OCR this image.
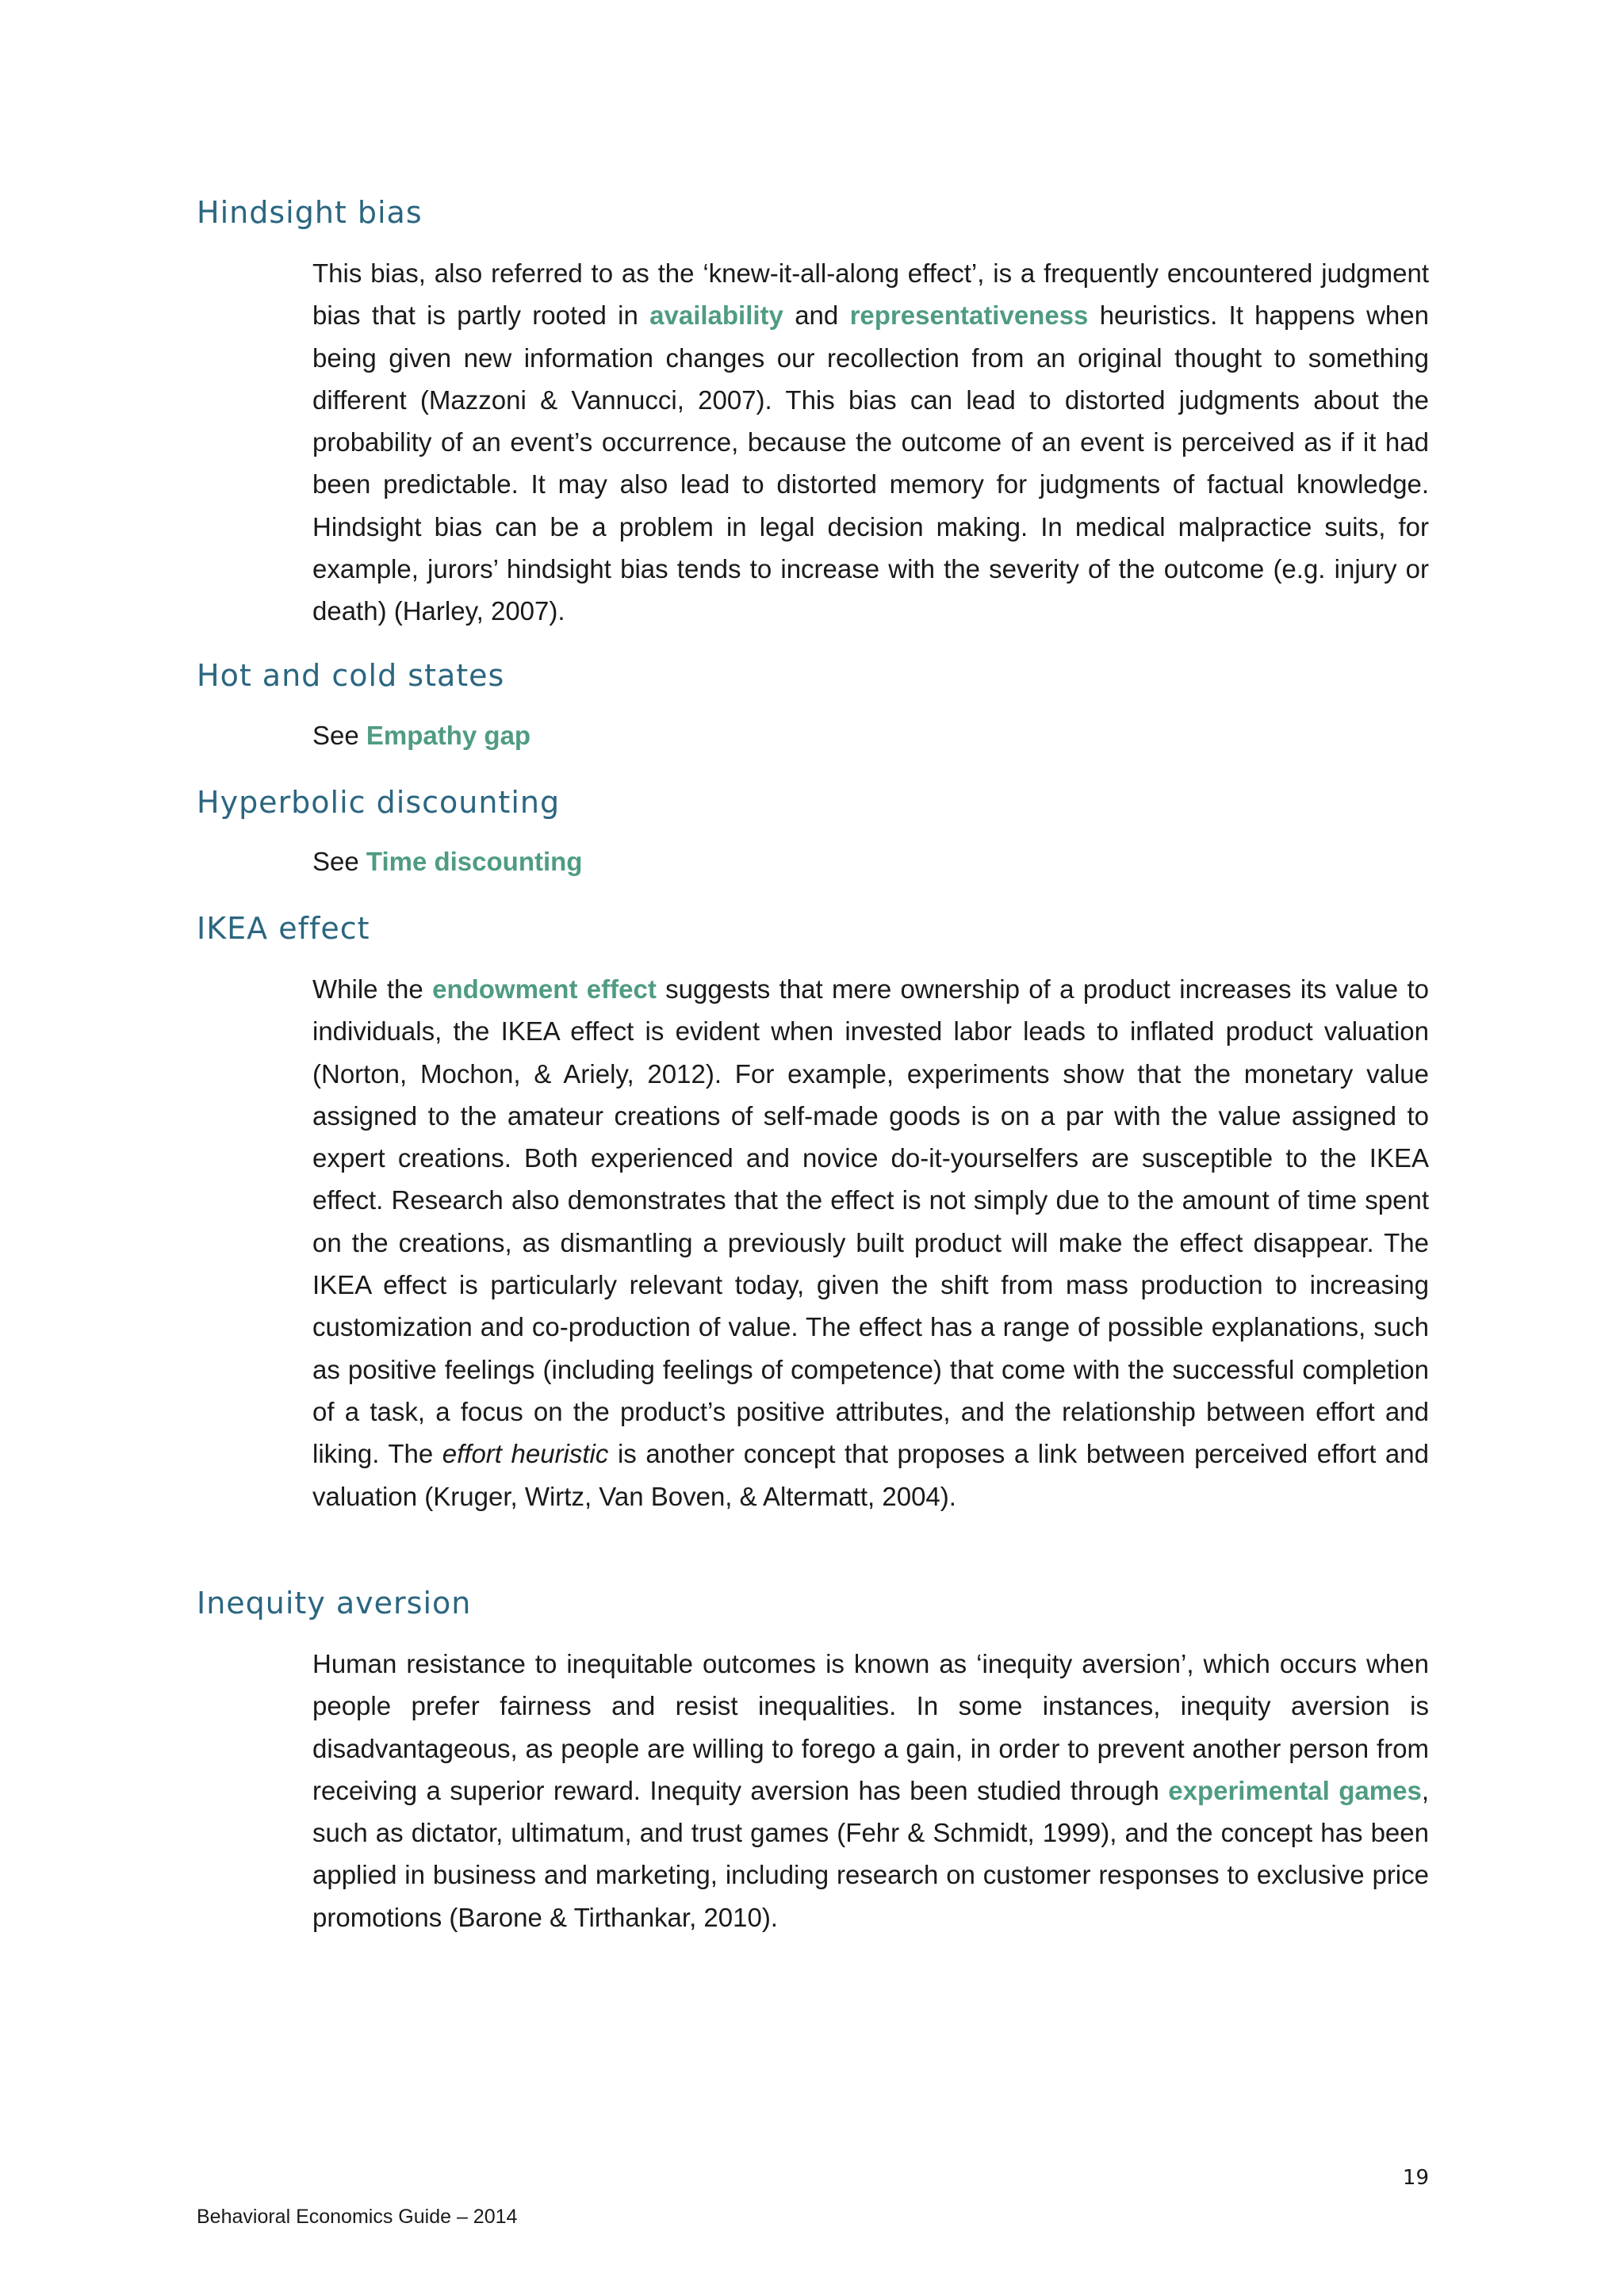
Hindsight bias

This bias, also referred to as the ‘knew-it-all-along effect’, is a frequently encountered judgment bias that is partly rooted in availability and representativeness heuristics. It happens when being given new information changes our recollection from an original thought to something different (Mazzoni & Vannucci, 2007). This bias can lead to distorted judgments about the probability of an event’s occurrence, because the outcome of an event is perceived as if it had been predictable. It may also lead to distorted memory for judgments of factual knowledge. Hindsight bias can be a problem in legal decision making. In medical malpractice suits, for example, jurors’ hindsight bias tends to increase with the severity of the outcome (e.g. injury or death) (Harley, 2007).

Hot and cold states

See Empathy gap

Hyperbolic discounting

See Time discounting

IKEA effect

While the endowment effect suggests that mere ownership of a product increases its value to individuals, the IKEA effect is evident when invested labor leads to inflated product valuation (Norton, Mochon, & Ariely, 2012). For example, experiments show that the monetary value assigned to the amateur creations of self-made goods is on a par with the value assigned to expert creations. Both experienced and novice do-it-yourselfers are susceptible to the IKEA effect. Research also demonstrates that the effect is not simply due to the amount of time spent on the creations, as dismantling a previously built product will make the effect disappear. The IKEA effect is particularly relevant today, given the shift from mass production to increasing customization and co-production of value. The effect has a range of possible explanations, such as positive feelings (including feelings of competence) that come with the successful completion of a task, a focus on the product’s positive attributes, and the relationship between effort and liking. The effort heuristic is another concept that proposes a link between perceived effort and valuation (Kruger, Wirtz, Van Boven, & Altermatt, 2004).

Inequity aversion

Human resistance to inequitable outcomes is known as ‘inequity aversion’, which occurs when people prefer fairness and resist inequalities. In some instances, inequity aversion is disadvantageous, as people are willing to forego a gain, in order to prevent another person from receiving a superior reward. Inequity aversion has been studied through experimental games, such as dictator, ultimatum, and trust games (Fehr & Schmidt, 1999), and the concept has been applied in business and marketing, including research on customer responses to exclusive price promotions (Barone & Tirthankar, 2010).

19

Behavioral Economics Guide – 2014
